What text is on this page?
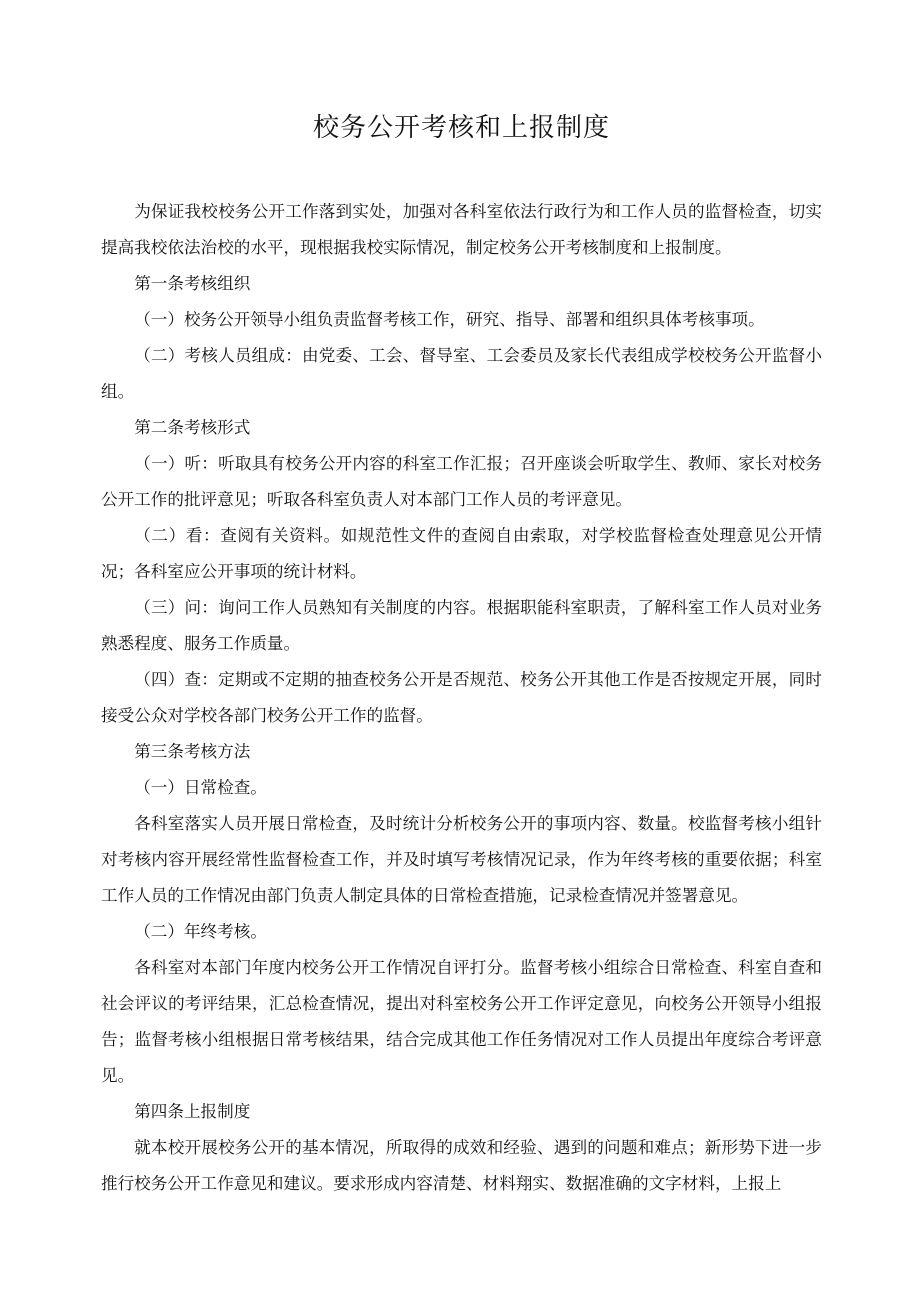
校务公开考核和上报制度

为保证我校校务公开工作落到实处，加强对各科室依法行政行为和工作人员的监督检查，切实提高我校依法治校的水平，现根据我校实际情况，制定校务公开考核制度和上报制度。

第一条考核组织

（一）校务公开领导小组负责监督考核工作，研究、指导、部署和组织具体考核事项。

（二）考核人员组成：由党委、工会、督导室、工会委员及家长代表组成学校校务公开监督小组。

第二条考核形式

（一）听：听取具有校务公开内容的科室工作汇报；召开座谈会听取学生、教师、家长对校务公开工作的批评意见；听取各科室负责人对本部门工作人员的考评意见。

（二）看：查阅有关资料。如规范性文件的查阅自由索取，对学校监督检查处理意见公开情况；各科室应公开事项的统计材料。

（三）问：询问工作人员熟知有关制度的内容。根据职能科室职责，了解科室工作人员对业务熟悉程度、服务工作质量。

（四）查：定期或不定期的抽查校务公开是否规范、校务公开其他工作是否按规定开展，同时接受公众对学校各部门校务公开工作的监督。

第三条考核方法

（一）日常检查。

各科室落实人员开展日常检查，及时统计分析校务公开的事项内容、数量。校监督考核小组针对考核内容开展经常性监督检查工作，并及时填写考核情况记录，作为年终考核的重要依据；科室工作人员的工作情况由部门负责人制定具体的日常检查措施，记录检查情况并签署意见。

（二）年终考核。

各科室对本部门年度内校务公开工作情况自评打分。监督考核小组综合日常检查、科室自查和社会评议的考评结果，汇总检查情况，提出对科室校务公开工作评定意见，向校务公开领导小组报告；监督考核小组根据日常考核结果，结合完成其他工作任务情况对工作人员提出年度综合考评意见。

第四条上报制度

就本校开展校务公开的基本情况，所取得的成效和经验、遇到的问题和难点；新形势下进一步推行校务公开工作意见和建议。要求形成内容清楚、材料翔实、数据准确的文字材料，上报上
